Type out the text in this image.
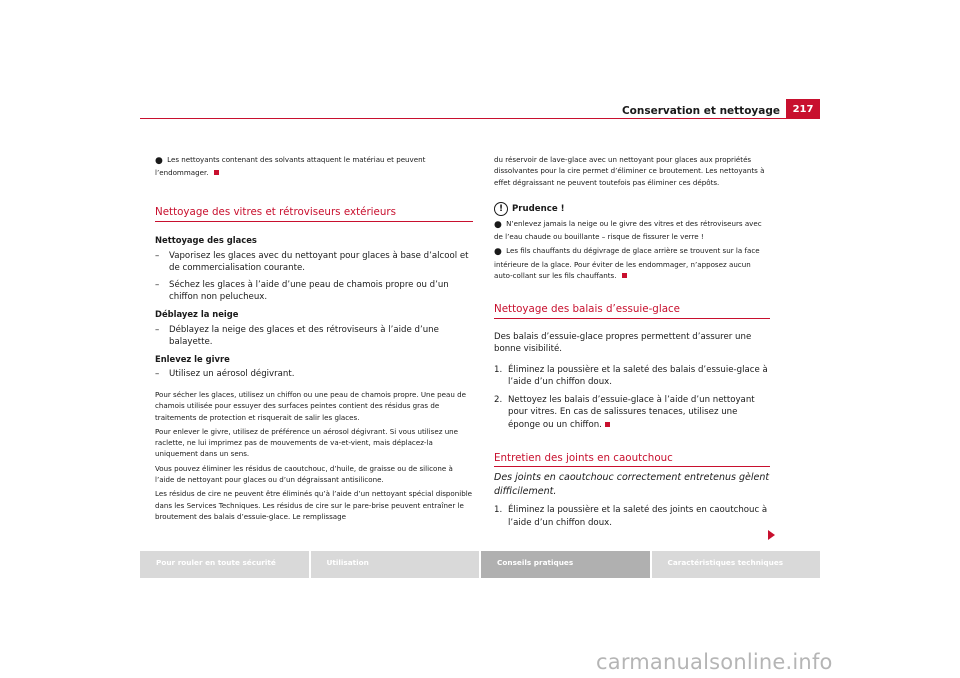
Conservation et nettoyage	217

● Les nettoyants contenant des solvants attaquent le matériau et peuvent l’endommager.

Nettoyage des vitres et rétroviseurs extérieurs

Nettoyage des glaces

–	Vaporisez les glaces avec du nettoyant pour glaces à base d’alcool et de commercialisation courante.
–	Séchez les glaces à l’aide d’une peau de chamois propre ou d’un chiffon non pelucheux.

Déblayez la neige

–	Déblayez la neige des glaces et des rétroviseurs à l’aide d’une balayette.

Enlevez le givre

–	Utilisez un aérosol dégivrant.

Pour sécher les glaces, utilisez un chiffon ou une peau de chamois propre. Une peau de chamois utilisée pour essuyer des surfaces peintes contient des résidus gras de traitements de protection et risquerait de salir les glaces.

Pour enlever le givre, utilisez de préférence un aérosol dégivrant. Si vous utilisez une raclette, ne lui imprimez pas de mouvements de va-et-vient, mais déplacez-la uniquement dans un sens.

Vous pouvez éliminer les résidus de caoutchouc, d’huile, de graisse ou de silicone à l’aide de nettoyant pour glaces ou d’un dégraissant antisilicone.

Les résidus de cire ne peuvent être éliminés qu’à l’aide d’un nettoyant spécial disponible dans les Services Techniques. Les résidus de cire sur le pare-brise peuvent entraîner le broutement des balais d’essuie-glace. Le remplissage

du réservoir de lave-glace avec un nettoyant pour glaces aux propriétés dissolvantes pour la cire permet d’éliminer ce broutement. Les nettoyants à effet dégraissant ne peuvent toutefois pas éliminer ces dépôts.

!	Prudence !

● N’enlevez jamais la neige ou le givre des vitres et des rétroviseurs avec de l’eau chaude ou bouillante – risque de fissurer le verre !

● Les fils chauffants du dégivrage de glace arrière se trouvent sur la face intérieure de la glace. Pour éviter de les endommager, n’apposez aucun auto-collant sur les fils chauffants.

Nettoyage des balais d’essuie-glace

Des balais d’essuie-glace propres permettent d’assurer une bonne visibilité.

1. Éliminez la poussière et la saleté des balais d’essuie-glace à l’aide d’un chiffon doux.
2. Nettoyez les balais d’essuie-glace à l’aide d’un nettoyant pour vitres. En cas de salissures tenaces, utilisez une éponge ou un chiffon.
Entretien des joints en caoutchouc

Des joints en caoutchouc correctement entretenus gèlent difficilement.

1. Éliminez la poussière et la saleté des joints en caoutchouc à l’aide d’un chiffon doux.
Pour rouler en toute sécurité	Utilisation	Conseils pratiques	Caractéristiques techniques
carmanualsonline.info
